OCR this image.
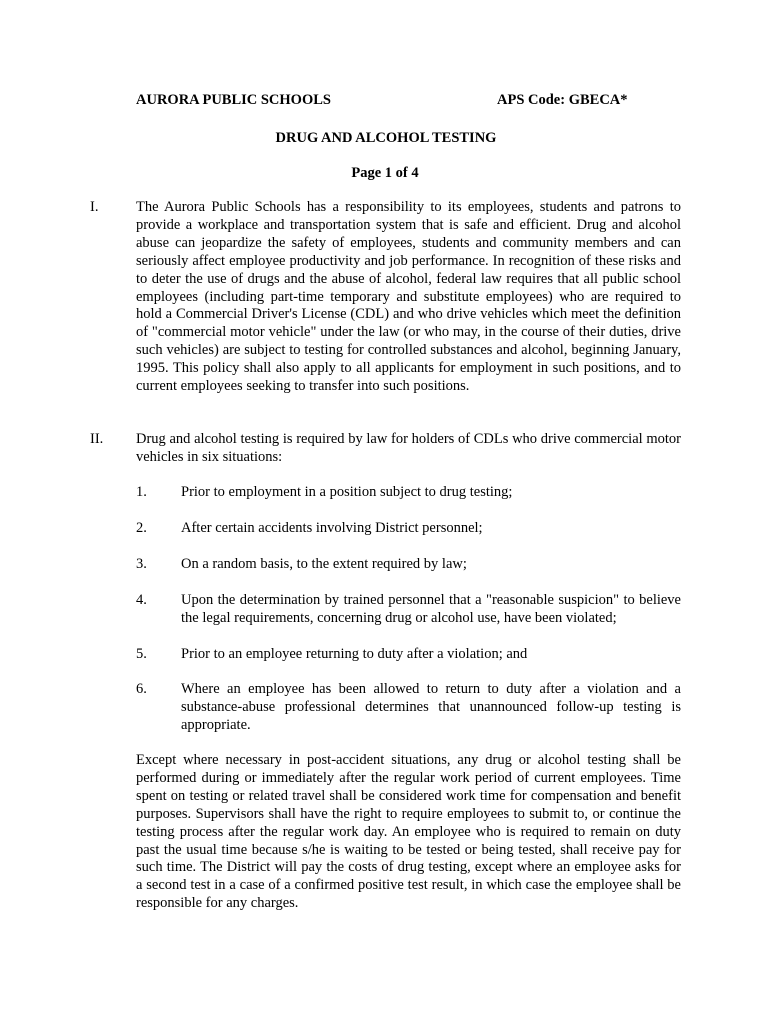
AURORA PUBLIC SCHOOLS	APS Code: GBECA*
DRUG AND ALCOHOL TESTING
Page 1 of 4
I.	The Aurora Public Schools has a responsibility to its employees, students and patrons to provide a workplace and transportation system that is safe and efficient. Drug and alcohol abuse can jeopardize the safety of employees, students and community members and can seriously affect employee productivity and job performance. In recognition of these risks and to deter the use of drugs and the abuse of alcohol, federal law requires that all public school employees (including part-time temporary and substitute employees) who are required to hold a Commercial Driver's License (CDL) and who drive vehicles which meet the definition of "commercial motor vehicle" under the law (or who may, in the course of their duties, drive such vehicles) are subject to testing for controlled substances and alcohol, beginning January, 1995. This policy shall also apply to all applicants for employment in such positions, and to current employees seeking to transfer into such positions.
II. Drug and alcohol testing is required by law for holders of CDLs who drive commercial motor vehicles in six situations:
1. Prior to employment in a position subject to drug testing;
2. After certain accidents involving District personnel;
3. On a random basis, to the extent required by law;
4. Upon the determination by trained personnel that a "reasonable suspicion" to believe the legal requirements, concerning drug or alcohol use, have been violated;
5. Prior to an employee returning to duty after a violation; and
6. Where an employee has been allowed to return to duty after a violation and a substance-abuse professional determines that unannounced follow-up testing is appropriate.
Except where necessary in post-accident situations, any drug or alcohol testing shall be performed during or immediately after the regular work period of current employees. Time spent on testing or related travel shall be considered work time for compensation and benefit purposes. Supervisors shall have the right to require employees to submit to, or continue the testing process after the regular work day. An employee who is required to remain on duty past the usual time because s/he is waiting to be tested or being tested, shall receive pay for such time. The District will pay the costs of drug testing, except where an employee asks for a second test in a case of a confirmed positive test result, in which case the employee shall be responsible for any charges.
